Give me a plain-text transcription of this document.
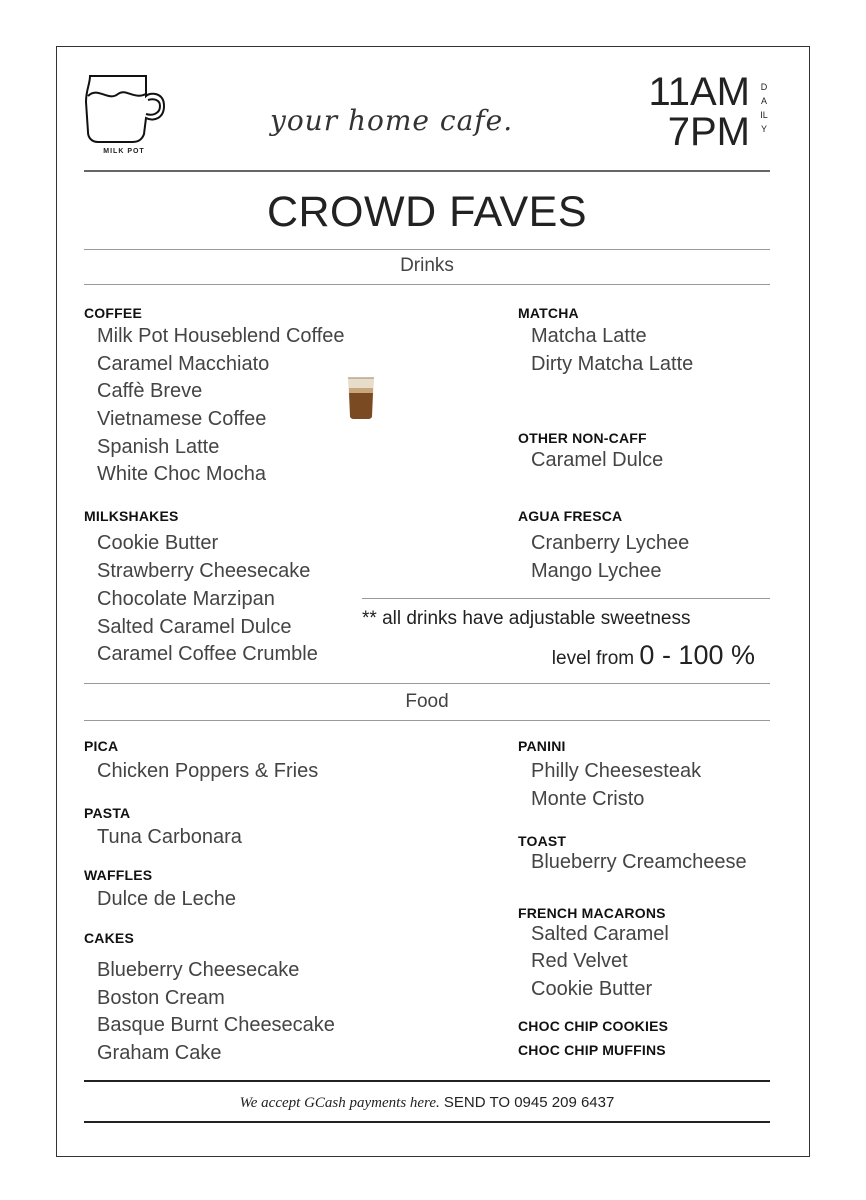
MILK POT
your home cafe.
11AM
7PM
DAILY
CROWD FAVES
Drinks
COFFEE
Milk Pot Houseblend Coffee
Caramel Macchiato
Caffè Breve
Vietnamese Coffee
Spanish Latte
White Choc Mocha
MILKSHAKES
Cookie Butter
Strawberry Cheesecake
Chocolate Marzipan
Salted Caramel Dulce
Caramel Coffee Crumble
MATCHA
Matcha Latte
Dirty Matcha Latte
OTHER NON-CAFF
Caramel Dulce
AGUA FRESCA
Cranberry Lychee
Mango Lychee
** all drinks have adjustable sweetness
level from 0 - 100 %
Food
PICA
Chicken Poppers & Fries
PASTA
Tuna Carbonara
WAFFLES
Dulce de Leche
CAKES
Blueberry Cheesecake
Boston Cream
Basque Burnt Cheesecake
Graham Cake
PANINI
Philly Cheesesteak
Monte Cristo
TOAST
Blueberry Creamcheese
FRENCH MACARONS
Salted Caramel
Red Velvet
Cookie Butter
CHOC CHIP COOKIES
CHOC CHIP MUFFINS
We accept GCash payments here. SEND TO 0945 209 6437
